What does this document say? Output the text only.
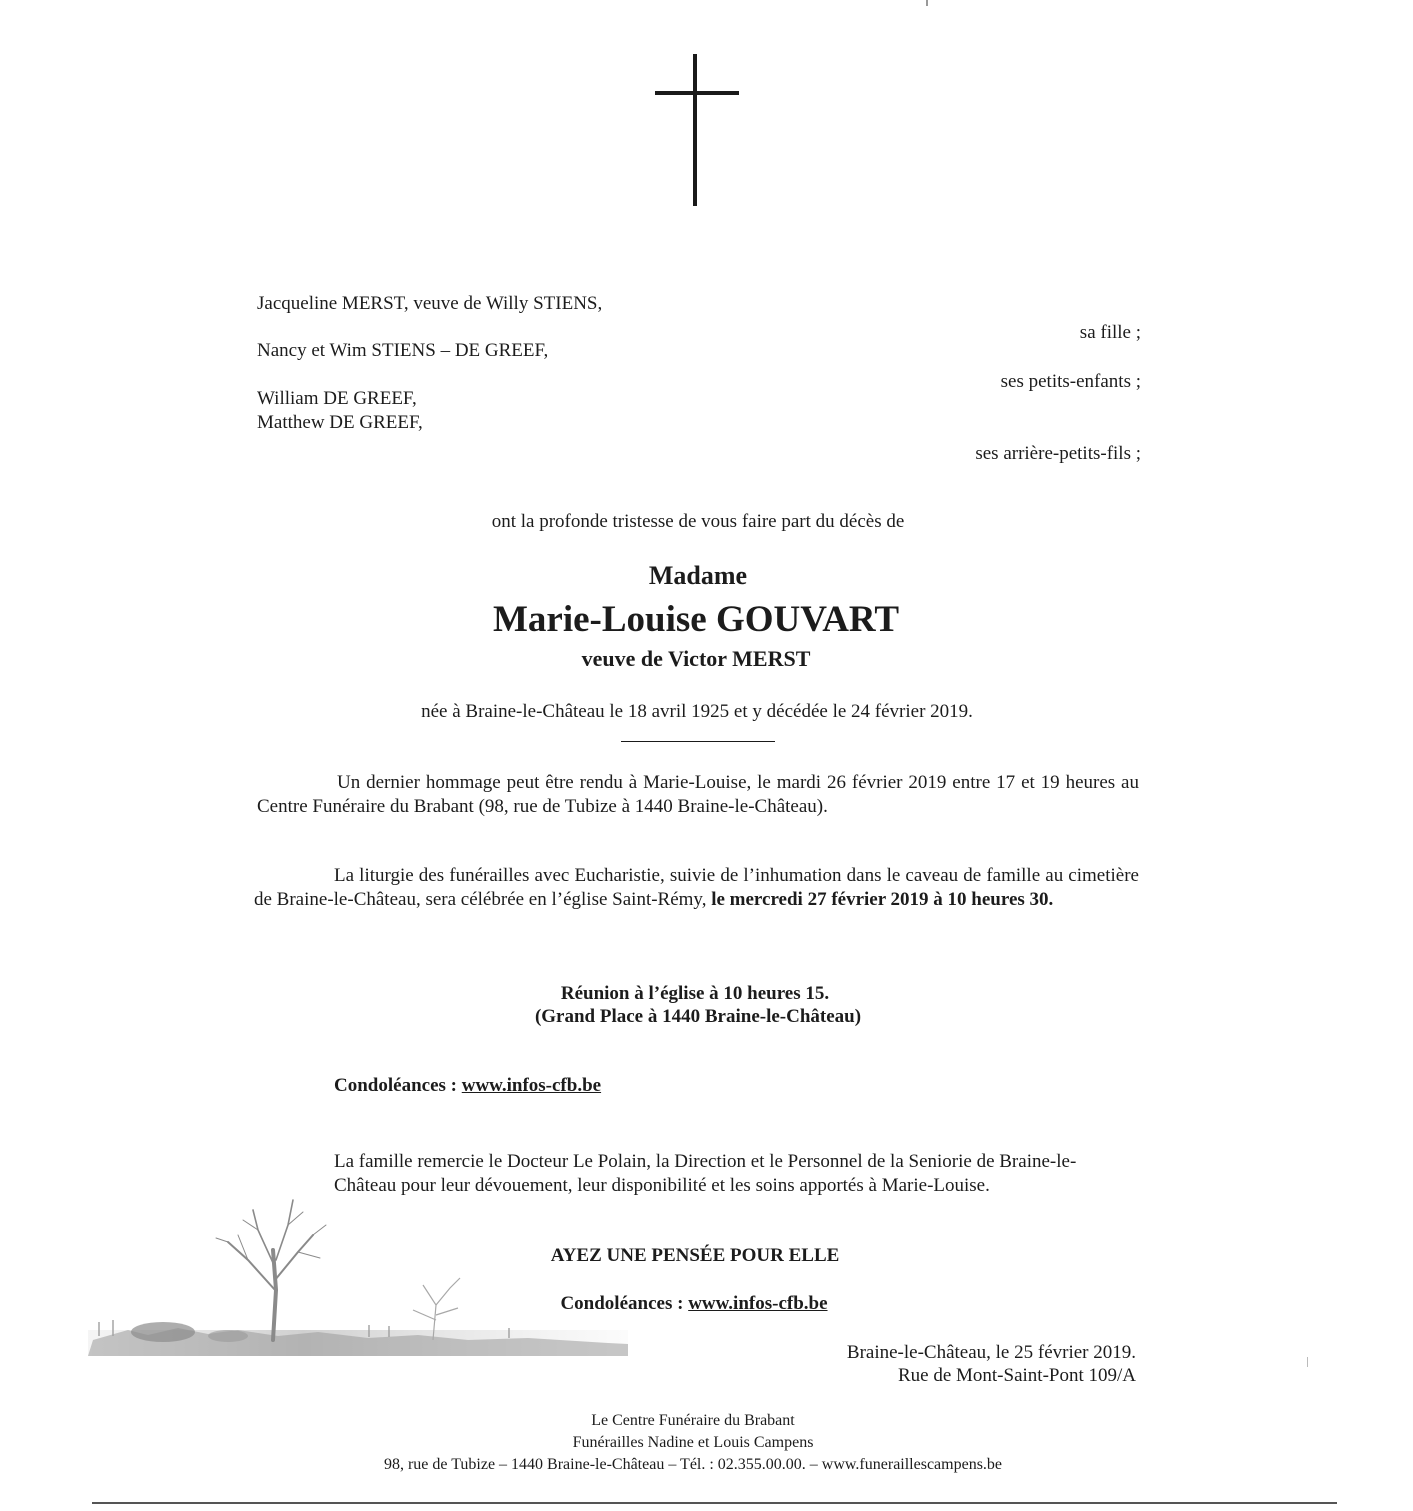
Jacqueline MERST, veuve de Willy STIENS,
sa fille ;
Nancy et Wim STIENS – DE GREEF,
ses petits-enfants ;
William DE GREEF,
Matthew DE GREEF,
ses arrière-petits-fils ;
ont la profonde tristesse de vous faire part du décès de
Madame
Marie-Louise GOUVART
veuve de Victor MERST
née à Braine-le-Château le 18 avril 1925 et y décédée le 24 février 2019.
Un dernier hommage peut être rendu à Marie-Louise, le mardi 26 février 2019 entre 17 et 19 heures au Centre Funéraire du Brabant (98, rue de Tubize à 1440 Braine-le-Château).
La liturgie des funérailles avec Eucharistie, suivie de l’inhumation dans le caveau de famille au cimetière de Braine-le-Château, sera célébrée en l’église Saint-Rémy, le mercredi 27 février 2019 à 10 heures 30.
Réunion à l’église à 10 heures 15.
(Grand Place à 1440 Braine-le-Château)
Condoléances : www.infos-cfb.be
La famille remercie le Docteur Le Polain, la Direction et le Personnel de la Seniorie de Braine-le-Château pour leur dévouement, leur disponibilité et les soins apportés à Marie-Louise.
AYEZ UNE PENSÉE POUR ELLE
Condoléances : www.infos-cfb.be
Braine-le-Château, le 25 février 2019.
Rue de Mont-Saint-Pont 109/A
Le Centre Funéraire du Brabant
Funérailles Nadine et Louis Campens
98, rue de Tubize – 1440 Braine-le-Château – Tél. : 02.355.00.00. – www.funeraillescampens.be
